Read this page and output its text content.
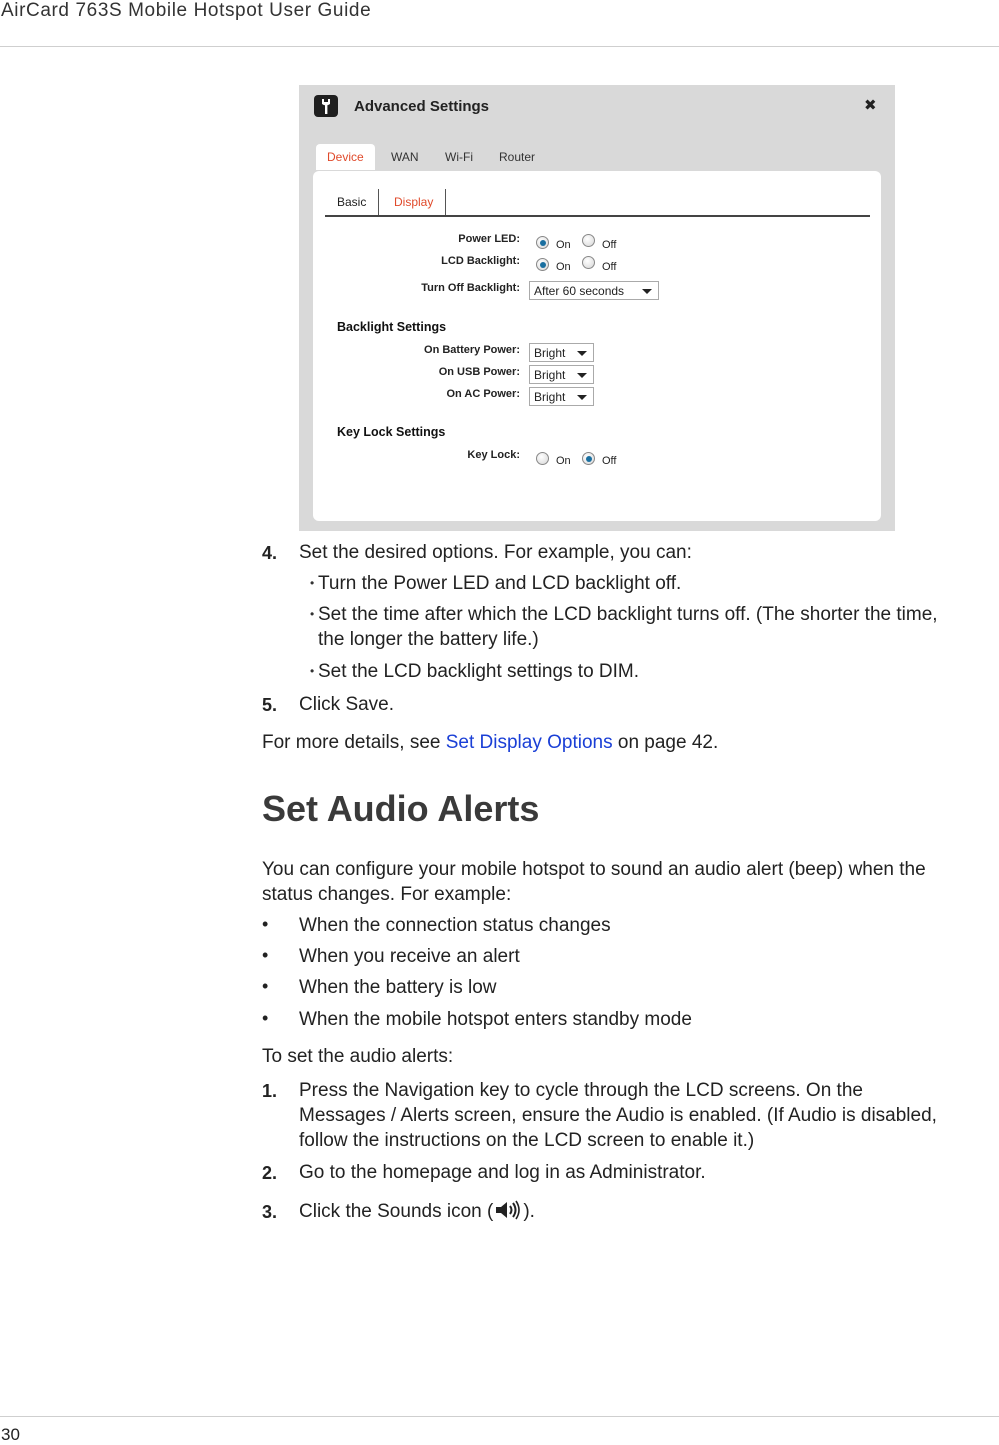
AirCard 763S Mobile Hotspot User Guide
Advanced Settings	✖
Device	WAN	Wi-Fi	Router
Basic	Display
Power LED:	On	Off
LCD Backlight:	On	Off
Turn Off Backlight:	After 60 seconds
Backlight Settings
On Battery Power:	Bright
On USB Power:	Bright
On AC Power:	Bright
Key Lock Settings
Key Lock:	On	Off
4. Set the desired options. For example, you can:
• Turn the Power LED and LCD backlight off.
• Set the time after which the LCD backlight turns off. (The shorter the time,
the longer the battery life.)
• Set the LCD backlight settings to DIM.
5. Click Save.
For more details, see Set Display Options on page 42.
Set Audio Alerts
You can configure your mobile hotspot to sound an audio alert (beep) when the
status changes. For example:
• When the connection status changes
• When you receive an alert
• When the battery is low
• When the mobile hotspot enters standby mode
To set the audio alerts:
1. Press the Navigation key to cycle through the LCD screens. On the
Messages / Alerts screen, ensure the Audio is enabled. (If Audio is disabled,
follow the instructions on the LCD screen to enable it.)
2. Go to the homepage and log in as Administrator.
3. Click the Sounds icon ( ).
30
